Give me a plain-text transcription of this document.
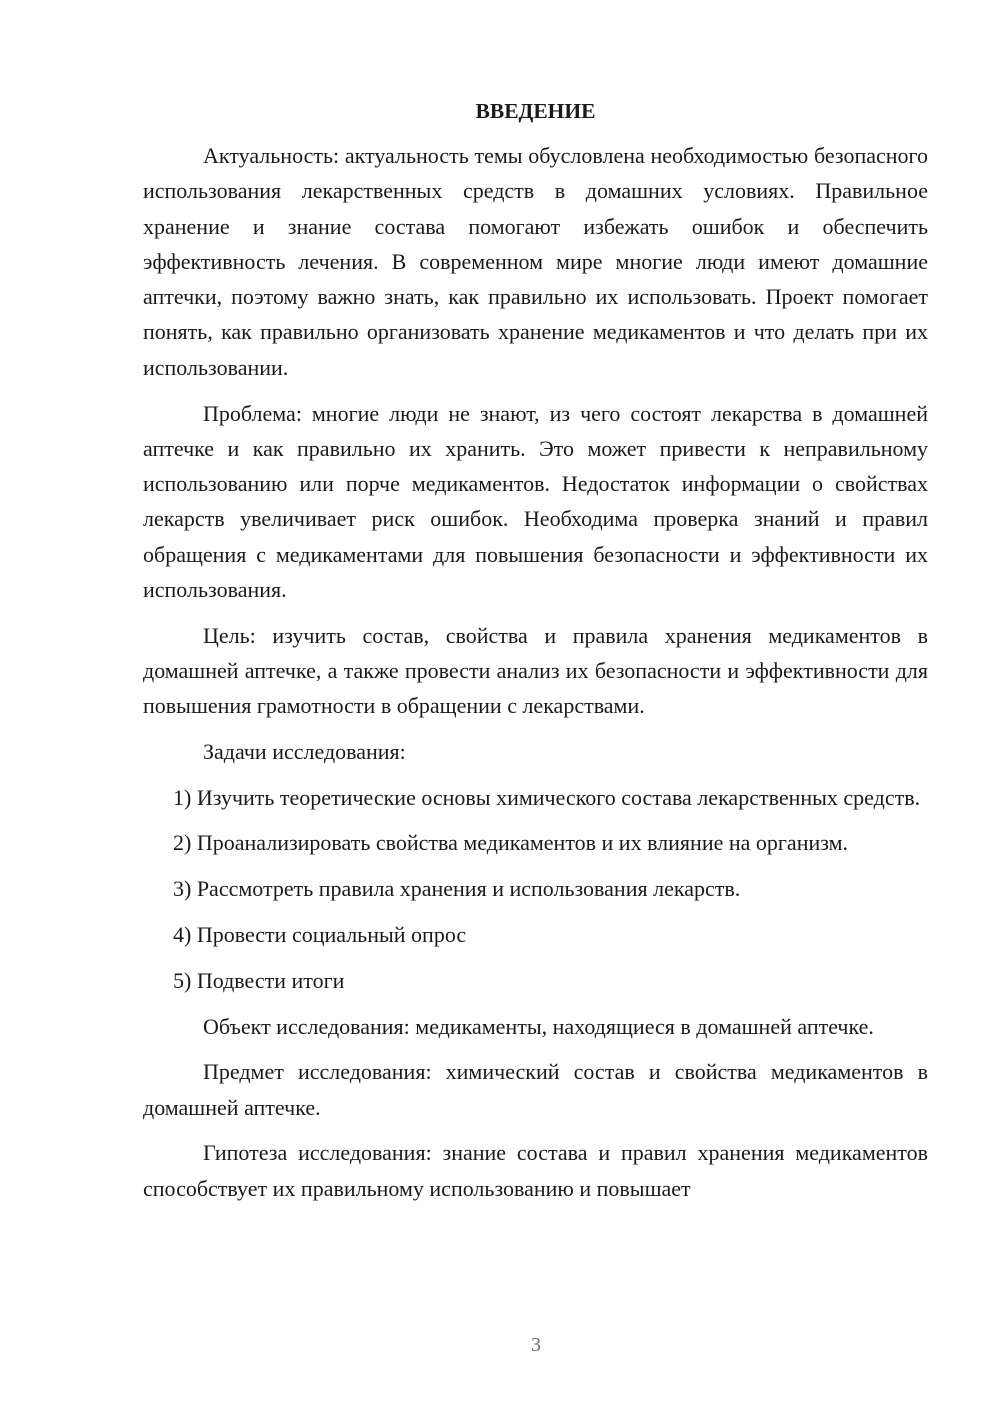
ВВЕДЕНИЕ

Актуальность: актуальность темы обусловлена необходимостью безопасного использования лекарственных средств в домашних условиях. Правильное хранение и знание состава помогают избежать ошибок и обеспечить эффективность лечения. В современном мире многие люди имеют домашние аптечки, поэтому важно знать, как правильно их использовать. Проект помогает понять, как правильно организовать хранение медикаментов и что делать при их использовании.

Проблема: многие люди не знают, из чего состоят лекарства в домашней аптечке и как правильно их хранить. Это может привести к неправильному использованию или порче медикаментов. Недостаток информации о свойствах лекарств увеличивает риск ошибок. Необходима проверка знаний и правил обращения с медикаментами для повышения безопасности и эффективности их использования.

Цель: изучить состав, свойства и правила хранения медикаментов в домашней аптечке, а также провести анализ их безопасности и эффективности для повышения грамотности в обращении с лекарствами.

Задачи исследования:

1) Изучить теоретические основы химического состава лекарственных средств.

2) Проанализировать свойства медикаментов и их влияние на организм.

3) Рассмотреть правила хранения и использования лекарств.

4) Провести социальный опрос

5) Подвести итоги

Объект исследования: медикаменты, находящиеся в домашней аптечке.

Предмет исследования: химический состав и свойства медикаментов в домашней аптечке.

Гипотеза исследования: знание состава и правил хранения медикаментов способствует их правильному использованию и повышает

3
